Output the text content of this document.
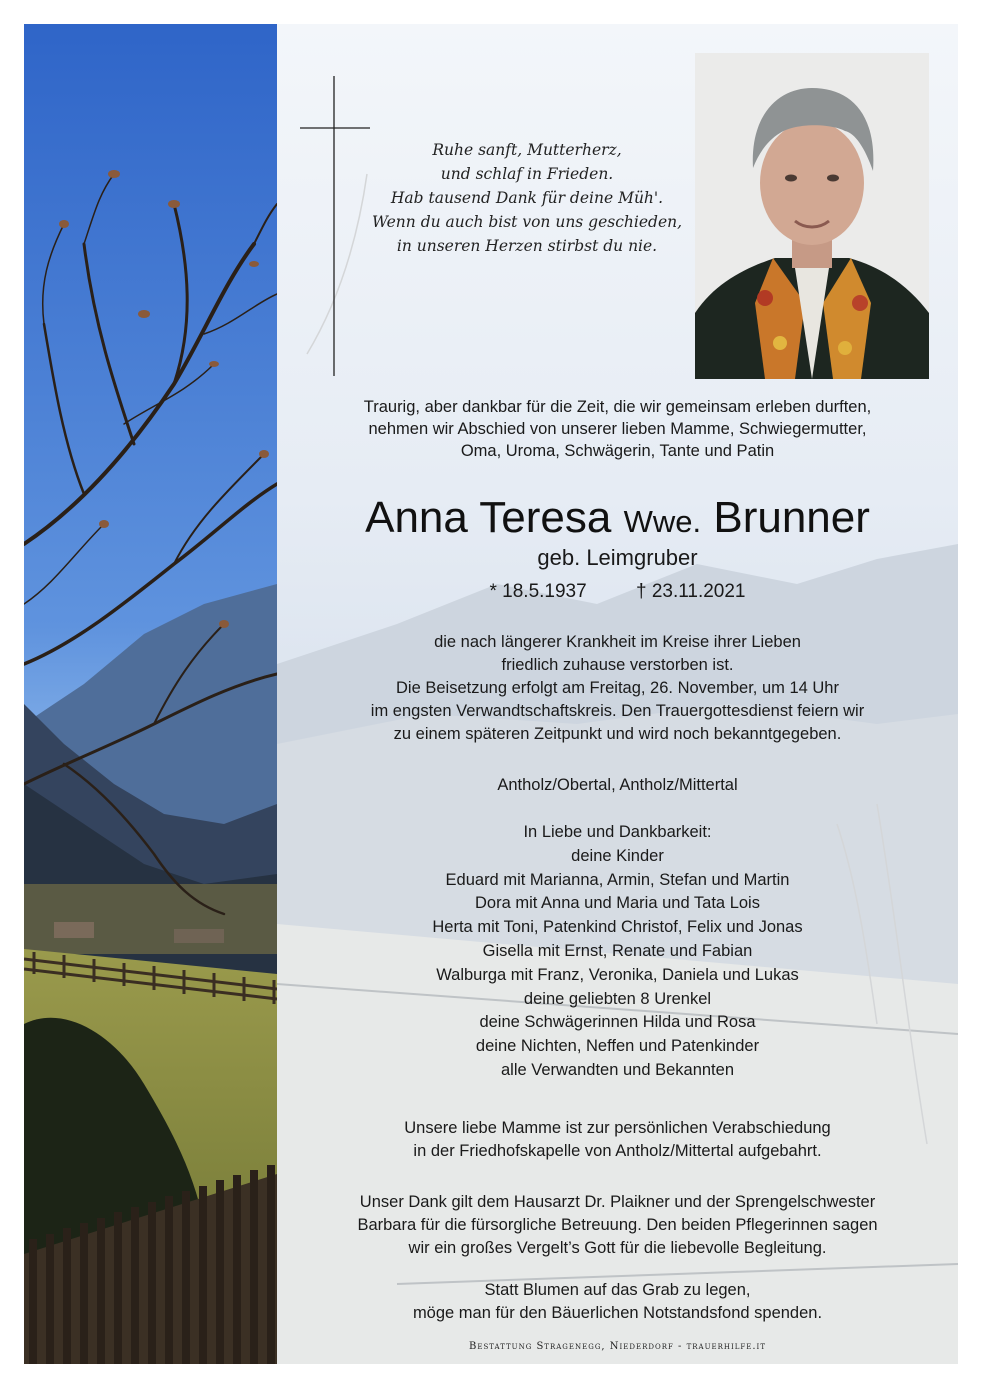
Ruhe sanft, Mutterherz,
und schlaf in Frieden.
Hab tausend Dank für deine Müh'.
Wenn du auch bist von uns geschieden,
in unseren Herzen stirbst du nie.
Traurig, aber dankbar für die Zeit, die wir gemeinsam erleben durften,
nehmen wir Abschied von unserer lieben Mamme, Schwiegermutter,
Oma, Uroma, Schwägerin, Tante und Patin
Anna Teresa Wwe. Brunner
geb. Leimgruber
* 18.5.1937	† 23.11.2021
die nach längerer Krankheit im Kreise ihrer Lieben
friedlich zuhause verstorben ist.
Die Beisetzung erfolgt am Freitag, 26. November, um 14 Uhr
im engsten Verwandtschaftskreis. Den Trauergottesdienst feiern wir
zu einem späteren Zeitpunkt und wird noch bekanntgegeben.
Antholz/Obertal, Antholz/Mittertal
In Liebe und Dankbarkeit:
deine Kinder
Eduard mit Marianna, Armin, Stefan und Martin
Dora mit Anna und Maria und Tata Lois
Herta mit Toni, Patenkind Christof, Felix und Jonas
Gisella mit Ernst, Renate und Fabian
Walburga mit Franz, Veronika, Daniela und Lukas
deine geliebten 8 Urenkel
deine Schwägerinnen Hilda und Rosa
deine Nichten, Neffen und Patenkinder
alle Verwandten und Bekannten
Unsere liebe Mamme ist zur persönlichen Verabschiedung
in der Friedhofskapelle von Antholz/Mittertal aufgebahrt.
Unser Dank gilt dem Hausarzt Dr. Plaikner und der Sprengelschwester
Barbara für die fürsorgliche Betreuung. Den beiden Pflegerinnen sagen
wir ein großes Vergelt’s Gott für die liebevolle Begleitung.
Statt Blumen auf das Grab zu legen,
möge man für den Bäuerlichen Notstandsfond spenden.
Bestattung Stragenegg, Niederdorf - trauerhilfe.it
